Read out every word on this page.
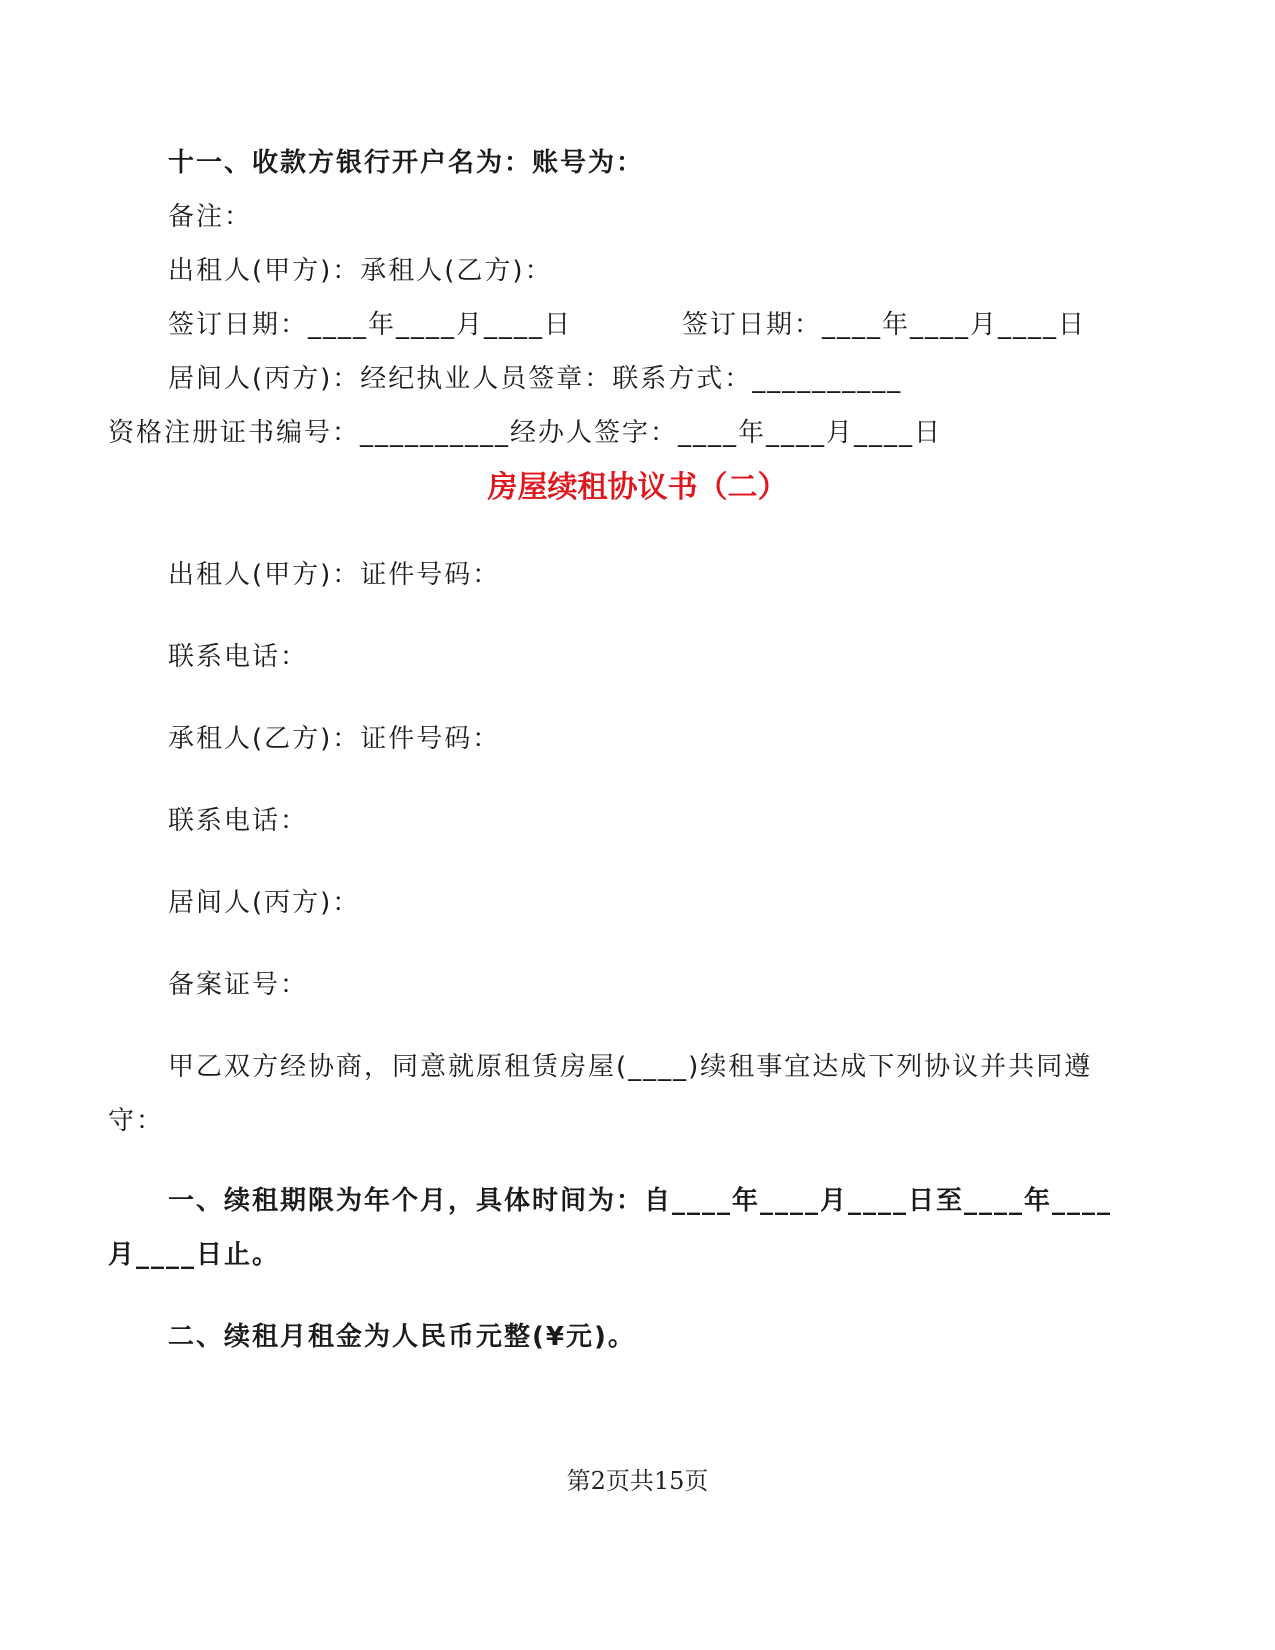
十一、收款方银行开户名为：账号为：
备注：
出租人(甲方)：承租人(乙方)：
签订日期：____年____月____日	签订日期：____年____月____日
居间人(丙方)：经纪执业人员签章：联系方式：__________
资格注册证书编号：__________经办人签字：____年____月____日
房屋续租协议书（二）
出租人(甲方)：证件号码：
联系电话：
承租人(乙方)：证件号码：
联系电话：
居间人(丙方)：
备案证号：
甲乙双方经协商，同意就原租赁房屋(____)续租事宜达成下列协议并共同遵
守：
一、续租期限为年个月，具体时间为：自____年____月____日至____年____
月____日止。
二、续租月租金为人民币元整(¥元)。
第2页共15页
